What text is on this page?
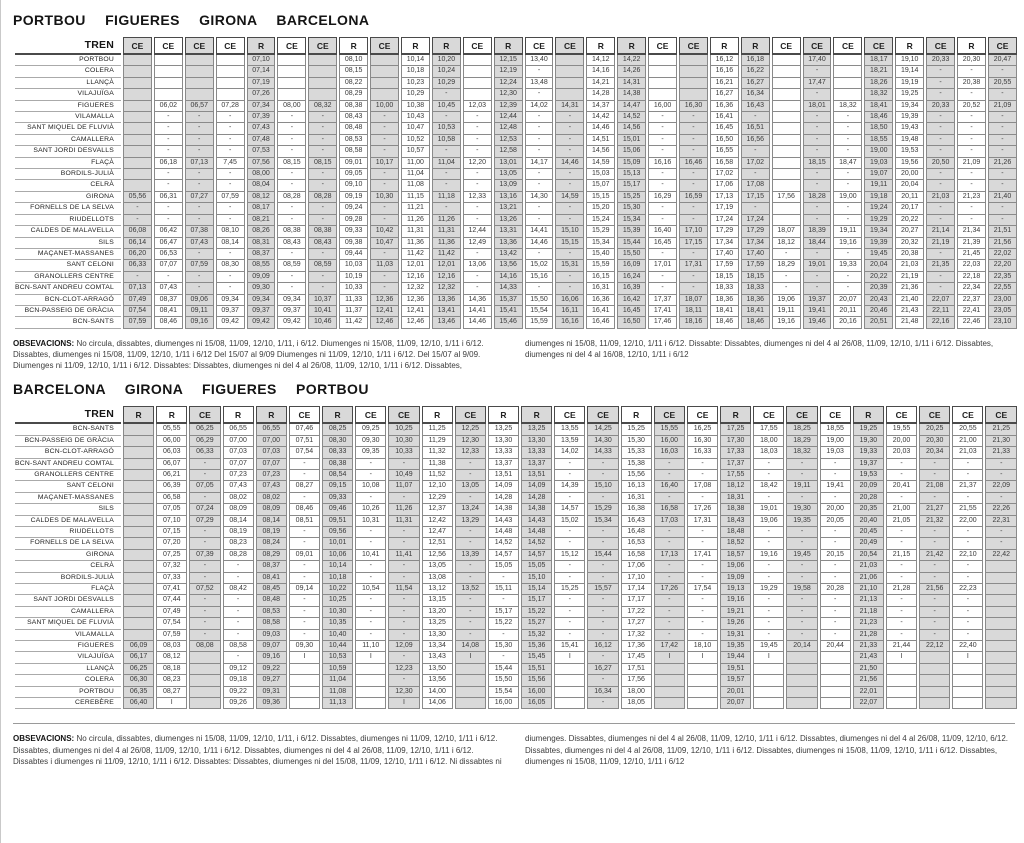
PORTBOU FIGUERES GIRONA BARCELONA
TREN	CE	CE	CE	CE	R	CE	CE	R	CE	R	R	CE	R	CE	CE	R	R	CE	CE	R	R	CE	CE	CE	CE	R	CE	R	CE
PORTBOU					07,10			08,10		10,14	10,20		12,15	13,40		14,12	14,22			16,12	16,18		17,40		18,17	19,10	20,33	20,30	20,47
COLERA					07,14			08,15		10,18	10,24		12,19	-		14,16	14,26			16,16	16,22		-		18,21	19,14	-	-	-
LLANÇÀ					07,19			08,22		10,23	10,29		12,24	13,48		14,21	14,31			16,21	16,27		17,47		18,26	19,19	-	20,38	20,55
VILAJUÏGA					07,26			08,29		10,29	-		12,30	-		14,28	14,38			16,27	16,34		-		18,32	19,25	-	-	-
FIGUERES		06,02	06,57	07,28	07,34	08,00	08,32	08,38	10,00	10,38	10,45	12,03	12,39	14,02	14,31	14,37	14,47	16,00	16,30	16,36	16,43		18,01	18,32	18,41	19,34	20,33	20,52	21,09
VILAMALLA		-	-	-	07,39	-	-	08,43	-	10,43	-	-	12,44	-	-	14,42	14,52	-	-	16,41	-		-	-	18,46	19,39	-	-	-
SANT MIQUEL DE FLUVIÀ		-	-	-	07,43	-	-	08,48	-	10,47	10,53	-	12,48	-	-	14,46	14,56	-	-	16,45	16,51		-	-	18,50	19,43	-	-	-
CAMALLERA		-	-	-	07,48	-	-	08,53	-	10,52	10,58	-	12,53	-	-	14,51	15,01	-	-	16,50	16,56		-	-	18,55	19,48	-	-	-
SANT JORDI DESVALLS		-	-	-	07,53	-	-	08,58	-	10,57	-	-	12,58	-	-	14,56	15,06	-	-	16,55	-		-	-	19,00	19,53	-	-	-
FLAÇÀ		06,18	07,13	7,45	07,56	08,15	08,15	09,01	10,17	11,00	11,04	12,20	13,01	14,17	14,46	14,59	15,09	16,16	16,46	16,58	17,02		18,15	18,47	19,03	19,56	20,50	21,09	21,26
BORDILS-JULIÀ		-	-	-	08,00	-	-	09,05	-	11,04	-	-	13,05	-	-	15,03	15,13	-	-	17,02	-		-	-	19,07	20,00	-	-	-
CELRÀ		-	-	-	08,04	-	-	09,10	-	11,08	-	-	13,09	-	-	15,07	15,17	-	-	17,06	17,08		-	-	19,11	20,04	-	-	-
GIRONA	05,56	06,31	07,27	07,59	08,12	08,28	08,28	09,19	10,30	11,15	11,18	12,33	13,16	14,30	14,59	15,15	15,25	16,29	16,59	17,13	17,15	17,56	18,28	19,00	19,18	20,11	21,03	21,23	21,40
FORNELLS DE LA SELVA	-	-	-	-	08,17	-	-	09,24	-	11,21	-	-	13,21	-	-	15,20	15,30	-	-	17,19	-		-	-	19,24	20,17	-	-	-
RIUDELLOTS	-	-	-	-	08,21	-	-	09,28	-	11,26	11,26	-	13,26	-	-	15,24	15,34	-	-	17,24	17,24		-	-	19,29	20,22	-	-	-
CALDES DE MALAVELLA	06,08	06,42	07,38	08,10	08,26	08,38	08,38	09,33	10,42	11,31	11,31	12,44	13,31	14,41	15,10	15,29	15,39	16,40	17,10	17,29	17,29	18,07	18,39	19,11	19,34	20,27	21,14	21,34	21,51
SILS	06,14	06,47	07,43	08,14	08,31	08,43	08,43	09,38	10,47	11,36	11,36	12,49	13,36	14,46	15,15	15,34	15,44	16,45	17,15	17,34	17,34	18,12	18,44	19,16	19,39	20,32	21,19	21,39	21,56
MAÇANET-MASSANES	06,20	06,53	-	-	08,37	-	-	09,44	-	11,42	11,42	-	13,42	-	-	15,40	15,50	-	-	17,40	17,40	-	-	-	19,45	20,38	-	21,45	22,02
SANT CELONI	06,33	07,07	07,59	08,30	08,55	08,59	08,59	10,03	11,03	12,01	12,01	13,06	13,56	15,02	15,31	15,59	16,09	17,01	17,31	17,59	17,59	18,29	19,01	19,33	20,04	21,03	21,35	22,03	22,20
GRANOLLERS CENTRE	-	-	-	-	09,09	-	-	10,19	-	12,16	12,16	-	14,16	15,16	-	16,15	16,24	-	-	18,15	18,15	-	-	-	20,22	21,19	-	22,18	22,35
BCN-SANT ANDREU COMTAL	07,13	07,43	-	-	09,30	-	-	10,33	-	12,32	12,32	-	14,33	-	-	16,31	16,39	-	-	18,33	18,33	-	-	-	20,39	21,36	-	22,34	22,55
BCN-CLOT-ARRAGÓ	07,49	08,37	09,06	09,34	09,34	09,34	10,37	11,33	12,36	12,36	13,36	14,36	15,37	15,50	16,06	16,36	16,42	17,37	18,07	18,36	18,36	19,06	19,37	20,07	20,43	21,40	22,07	22,37	23,00
BCN-PASSEIG DE GRÀCIA	07,54	08,41	09,11	09,37	09,37	09,37	10,41	11,37	12,41	12,41	13,41	14,41	15,41	15,54	16,11	16,41	16,45	17,41	18,11	18,41	18,41	19,11	19,41	20,11	20,46	21,43	22,11	22,41	23,05
BCN-SANTS	07,59	08,46	09,16	09,42	09,42	09,42	10,46	11,42	12,46	12,46	13,46	14,46	15,46	15,59	16,16	16,46	16,50	17,46	18,16	18,46	18,46	19,16	19,46	20,16	20,51	21,48	22,16	22,46	23,10
OBSEVACIONS: No circula, dissabtes, diumenges ni 15/08, 11/09, 12/10, 1/11, i 6/12. Diumenges ni 15/08, 11/09, 12/10, 1/11 i 6/12. Dissabtes, diumenges ni 15/08, 11/09, 12/10, 1/11 i 6/12 Del 15/07 al 9/09 Diumenges ni 11/09, 12/10, 1/11 i 6/12. Del 15/07 al 9/09. Diumenges ni 11/09, 12/10, 1/11 i 6/12. Dissabtes: Dissabtes, diumenges ni del 4 al 26/08, 11/09, 12/10, 1/11 i 6/12. Dissabtes, diumenges ni 15/08, 11/09, 12/10, 1/11 i 6/12. Dissabte: Dissabtes, diumenges ni del 4 al 26/08, 11/09, 12/10, 1/11 i 6/12. Dissabtes, diumenges ni del 4 al 16/08, 12/10, 1/11 i 6/12
BARCELONA GIRONA FIGUERES PORTBOU
TREN	R	R	CE	R	R	CE	R	CE	CE	R	CE	R	R	CE	CE	R	CE	CE	R	CE	CE	CE	R	CE	CE	CE	CE
BCN-SANTS		05,55	06,25	06,55	06,55	07,46	08,25	09,25	10,25	11,25	12,25	13,25	13,25	13,55	14,25	15,25	15,55	16,25	17,25	17,55	18,25	18,55	19,25	19,55	20,25	20,55	21,25
BCN-PASSEIG DE GRÀCIA		06,00	06,29	07,00	07,00	07,51	08,30	09,30	10,30	11,29	12,30	13,30	13,30	13,59	14,30	15,30	16,00	16,30	17,30	18,00	18,29	19,00	19,30	20,00	20,30	21,00	21,30
BCN-CLOT-ARRAGÓ		06,03	06,33	07,03	07,03	07,54	08,33	09,35	10,33	11,32	12,33	13,33	13,33	14,02	14,33	15,33	16,03	16,33	17,33	18,03	18,32	19,03	19,33	20,03	20,34	21,03	21,33
BCN-SANT ANDREU COMTAL		06,07	-	07,07	07,07	-	08,38	-	-	11,38	-	13,37	13,37	-	-	15,38	-	-	17,37	-	-	-	19,37	-	-	-	-
GRANOLLERS CENTRE		06,21	-	07,23	07,23	-	08,54	-	10,49	11,52	-	13,51	13,51	-	-	15,56	-	-	17,55	-	-	-	19,53	-	-	-	-
SANT CELONI		06,39	07,05	07,43	07,43	08,27	09,15	10,08	11,07	12,10	13,05	14,09	14,09	14,39	15,10	16,13	16,40	17,08	18,12	18,42	19,11	19,41	20,09	20,41	21,08	21,37	22,09
MAÇANET-MASSANES		06,58	-	08,02	08,02	-	09,33	-	-	12,29	-	14,28	14,28	-	-	16,31	-	-	18,31	-	-	-	20,28	-	-	-	-
SILS		07,05	07,24	08,09	08,09	08,46	09,46	10,26	11,26	12,37	13,24	14,38	14,38	14,57	15,29	16,38	16,58	17,26	18,38	19,01	19,30	20,00	20,35	21,00	21,27	21,55	22,26
CALDES DE MALAVELLA		07,10	07,29	08,14	08,14	08,51	09,51	10,31	11,31	12,42	13,29	14,43	14,43	15,02	15,34	16,43	17,03	17,31	18,43	19,06	19,35	20,05	20,40	21,05	21,32	22,00	22,31
RIUDELLOTS		07,15	-	08,19	08,19	-	09,56	-	-	12,47	-	14,48	14,48	-	-	16,48	-	-	18,48	-	-	-	20,45	-	-	-	-
FORNELLS DE LA SELVA		07,20	-	08,23	08,24	-	10,01	-	-	12,51	-	14,52	14,52	-	-	16,53	-	-	18,52	-	-	-	20,49	-	-	-	-
GIRONA		07,25	07,39	08,28	08,29	09,01	10,06	10,41	11,41	12,56	13,39	14,57	14,57	15,12	15,44	16,58	17,13	17,41	18,57	19,16	19,45	20,15	20,54	21,15	21,42	22,10	22,42
CELRÀ		07,32	-	-	08,37	-	10,14	-	-	13,05	-	15,05	15,05	-	-	17,06	-	-	19,06	-	-	-	21,03	-	-	-	
BORDILS-JULIÀ		07,33	-	-	08,41	-	10,18	-	-	13,08	-	-	15,10	-	-	17,10	-	-	19,09	-	-	-	21,06	-	-	-	
FLAÇÀ		07,41	07,52	08,42	08,45	09,14	10,22	10,54	11,54	13,12	13,52	15,11	15,14	15,25	15,57	17,14	17,26	17,54	19,13	19,29	19,58	20,28	21,10	21,28	21,56	22,23	
SANT JORDI DESVALLS		07,44	-	-	08,48	-	10,25	-	-	13,15	-	-	15,17	-	-	17,17	-	-	19,16	-	-	-	21,13	-	-	-	
CAMALLERA		07,49	-	-	08,53	-	10,30	-	-	13,20	-	15,17	15,22	-	-	17,22	-	-	19,21	-	-	-	21,18	-	-	-	
SANT MIQUEL DE FLUVIÀ		07,54	-	-	08,58	-	10,35	-	-	13,25	-	15,22	15,27	-	-	17,27	-	-	19,26	-	-	-	21,23	-	-	-	
VILAMALLA		07,59	-	-	09,03	-	10,40	-	-	13,30	-	-	15,32	-	-	17,32	-	-	19,31	-	-	-	21,28	-	-	-	
FIGUERES	06,09	08,03	08,08	08,58	09,07	09,30	10,44	11,10	12,09	13,34	14,08	15,30	15,36	15,41	16,12	17,36	17,42	18,10	19,35	19,45	20,14	20,44	21,33	21,44	22,12	22,40	
VILAJUÏGA	06,17	08,12		-	09,16	I	10,53	I	-	13,43	I	-	15,45	I	-	17,45	I	I	19,44	I			21,43	I		I	
LLANÇÀ	06,25	08,18		09,12	09,22		10,59		12,23	13,50		15,44	15,51		16,27	17,51			19,51				21,50				
COLERA	06,30	08,23		09,18	09,27		11,04		-	13,56		15,50	15,56		-	17,56			19,57				21,56				
PORTBOU	06,35	08,27		09,22	09,31		11,08		12,30	14,00		15,54	16,00		16,34	18,00			20,01				22,01				
CEREBÈRE	06,40	I		09,26	09,36		11,13		I	14,06		16,00	16,05		-	18,05			20,07				22,07				
OBSEVACIONS: No circula, dissabtes, diumenges ni 15/08, 11/09, 12/10, 1/11, i 6/12. Dissabtes, diumenges ni 11/09, 12/10, 1/11 i 6/12. Dissabtes, diumenges ni del 4 al 26/08, 11/09, 12/10, 1/11 i 6/12. Dissabtes, diumenges ni del 4 al 26/08, 11/09, 12/10, 1/11 i 6/12. Dissabtes i diumenges ni 11/09, 12/10, 1/11 i 6/12. Dissabtes: Dissabtes, diumenges ni del 15/08, 11/09, 12/10, 1/11 i 6/12. Ni dissabtes ni diumenges. Dissabtes, diumenges ni del 4 al 26/08, 11/09, 12/10, 1/11 i 6/12. Dissabtes, diumenges ni del 4 al 26/08, 11/09, 12/10, 6/12. Dissabtes, diumenges ni del 4 al 26/08, 11/09, 12/10, 1/11 i 6/12. Dissabtes, diumenges ni 15/08, 11/09, 12/10, 1/11 i 6/12. Dissabtes, diumenges ni 15/08, 11/09, 12/10, 1/11 i 6/12
